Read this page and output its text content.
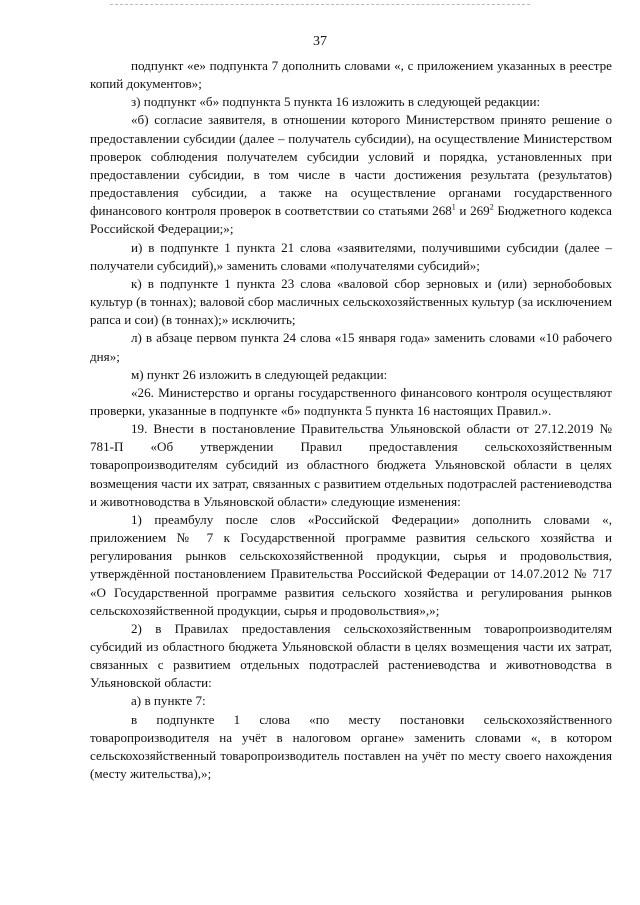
37

подпункт «е» подпункта 7 дополнить словами «, с приложением указанных в реестре копий документов»;

з) подпункт «б» подпункта 5 пункта 16 изложить в следующей редакции:

«б) согласие заявителя, в отношении которого Министерством принято решение о предоставлении субсидии (далее – получатель субсидии), на осуществление Министерством проверок соблюдения получателем субсидии условий и порядка, установленных при предоставлении субсидии, в том числе в части достижения результата (результатов) предоставления субсидии, а также на осуществление органами государственного финансового контроля проверок в соответствии со статьями $268^1$ и $269^2$ Бюджетного кодекса Российской Федерации;»;

и) в подпункте 1 пункта 21 слова «заявителями, получившими субсидии (далее – получатели субсидий),» заменить словами «получателями субсидий»;

к) в подпункте 1 пункта 23 слова «валовой сбор зерновых и (или) зернобобовых культур (в тоннах); валовой сбор масличных сельскохозяйственных культур (за исключением рапса и сои) (в тоннах);» исключить;

л) в абзаце первом пункта 24 слова «15 января года» заменить словами «10 рабочего дня»;

м) пункт 26 изложить в следующей редакции:

«26. Министерство и органы государственного финансового контроля осуществляют проверки, указанные в подпункте «б» подпункта 5 пункта 16 настоящих Правил.».

19. Внести в постановление Правительства Ульяновской области от 27.12.2019 № 781-П «Об утверждении Правил предоставления сельскохозяйственным товаропроизводителям субсидий из областного бюджета Ульяновской области в целях возмещения части их затрат, связанных с развитием отдельных подотраслей растениеводства и животноводства в Ульяновской области» следующие изменения:

1) преамбулу после слов «Российской Федерации» дополнить словами «, приложением № 7 к Государственной программе развития сельского хозяйства и регулирования рынков сельскохозяйственной продукции, сырья и продовольствия, утверждённой постановлением Правительства Российской Федерации от 14.07.2012 № 717 «О Государственной программе развития сельского хозяйства и регулирования рынков сельскохозяйственной продукции, сырья и продовольствия»,»;

2) в Правилах предоставления сельскохозяйственным товаропроизводителям субсидий из областного бюджета Ульяновской области в целях возмещения части их затрат, связанных с развитием отдельных подотраслей растениеводства и животноводства в Ульяновской области:

а) в пункте 7:

в подпункте 1 слова «по месту постановки сельскохозяйственного товаропроизводителя на учёт в налоговом органе» заменить словами «, в котором сельскохозяйственный товаропроизводитель поставлен на учёт по месту своего нахождения (месту жительства),»;
